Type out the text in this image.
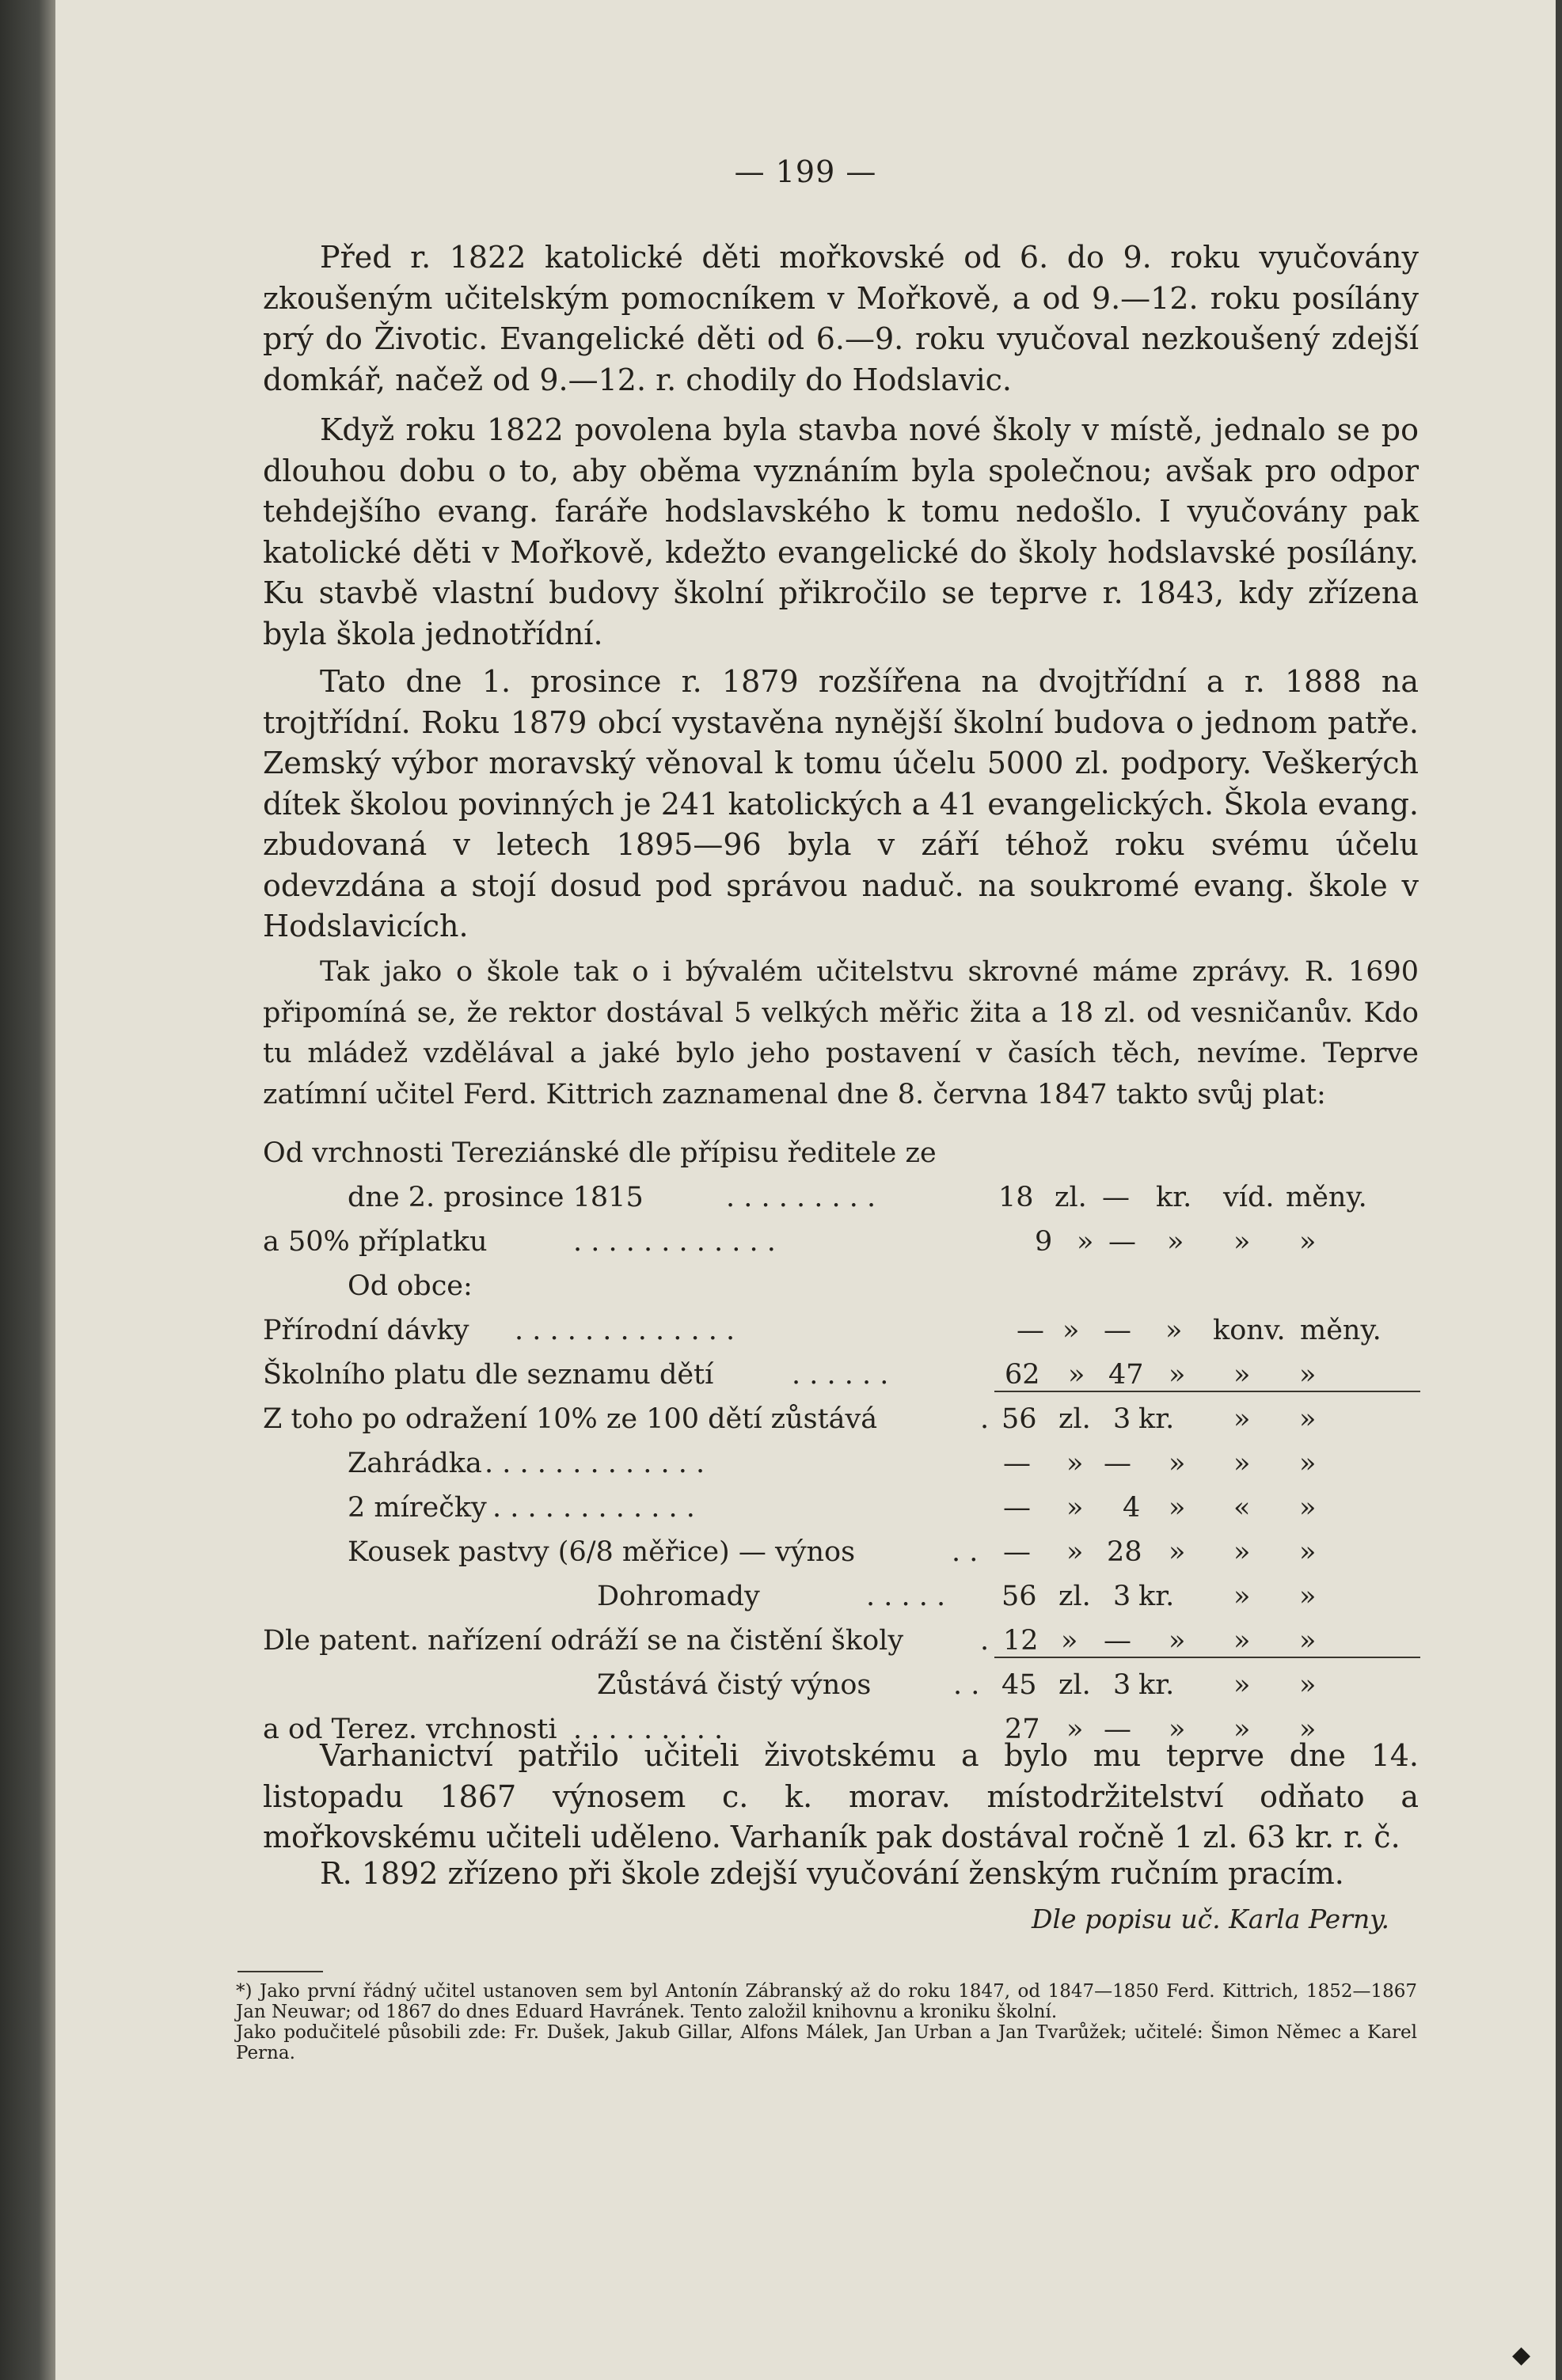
— 199 —

Před r. 1822 katolické děti mořkovské od 6. do 9. roku vyučovány zkoušeným učitelským pomocníkem v Mořkově, a od 9.—12. roku posílány prý do Životic. Evangelické děti od 6.—9. roku vyučoval nezkoušený zdejší domkář, načež od 9.—12. r. chodily do Hodslavic.

Když roku 1822 povolena byla stavba nové školy v místě, jednalo se po dlouhou dobu o to, aby oběma vyznáním byla společnou; avšak pro odpor tehdejšího evang. faráře hodslavského k tomu nedošlo. I vyučovány pak katolické děti v Mořkově, kdežto evangelické do školy hodslavské posílány. Ku stavbě vlastní budovy školní přikročilo se teprve r. 1843, kdy zřízena byla škola jednotřídní.

Tato dne 1. prosince r. 1879 rozšířena na dvojtřídní a r. 1888 na trojtřídní. Roku 1879 obcí vystavěna nynější školní budova o jednom patře. Zemský výbor moravský věnoval k tomu účelu 5000 zl. podpory. Veškerých dítek školou povinných je 241 katolických a 41 evangelických. Škola evang. zbudovaná v letech 1895—96 byla v září téhož roku svému účelu odevzdána a stojí dosud pod správou naduč. na soukromé evang. škole v Hodslavicích.

Tak jako o škole tak o i bývalém učitelstvu skrovné máme zprávy. R. 1690 připomíná se, že rektor dostával 5 velkých měřic žita a 18 zl. od vesničanův. Kdo tu mládež vzdělával a jaké bylo jeho postavení v časích těch, nevíme. Teprve zatímní učitel Ferd. Kittrich zaznamenal dne 8. června 1847 takto svůj plat:

Od vrchnosti Tereziánské dle přípisu ředitele ze
dne 2. prosince 1815	. . . . . . . . .	18 zl. — kr. víd. měny.
a 50% příplatku	. . . . . . . . . . . .	9 » — » » »
Od obce:
Přírodní dávky . . . . . . . . . . . . .	— » — » konv. měny.
Školního platu dle seznamu dětí	. . . . . .	62 » 47 » » »
Z toho po odražení 10% ze 100 dětí zůstává	. 56 zl. 3 kr. » »
Zahrádka . . . . . . . . . . . . .	— » — » » »
2 mírečky . . . . . . . . . . . .	— » 4 » « »
Kousek pastvy (6/8 měřice) — výnos	. . — » 28 » » »
Dohromady	. . . . . 56 zl. 3 kr. » »
Dle patent. nařízení odráží se na čistění školy	. 12 » — » » »
Zůstává čistý výnos	. . 45 zl. 3 kr. » »
a od Terez. vrchnosti . . . . . . . . .	27 » — » » »

Varhanictví patřilo učiteli životskému a bylo mu teprve dne 14. listopadu 1867 výnosem c. k. morav. místodržitelství odňato a mořkovskému učiteli uděleno. Varhaník pak dostával ročně 1 zl. 63 kr. r. č.

R. 1892 zřízeno při škole zdejší vyučování ženským ručním pracím.

Dle popisu uč. Karla Perny.

*) Jako první řádný učitel ustanoven sem byl Antonín Zábranský až do roku 1847, od 1847—1850 Ferd. Kittrich, 1852—1867 Jan Neuwar; od 1867 do dnes Eduard Havránek. Tento založil knihovnu a kroniku školní.

Jako podučitelé působili zde: Fr. Dušek, Jakub Gillar, Alfons Málek, Jan Urban a Jan Tvarůžek; učitelé: Šimon Němec a Karel Perna.

◆
